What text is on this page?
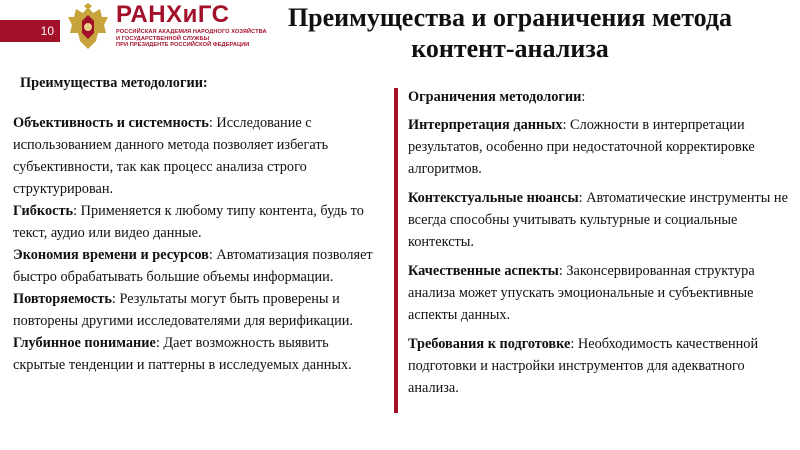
10
РАНХиГС
РОССИЙСКАЯ АКАДЕМИЯ НАРОДНОГО ХОЗЯЙСТВА
И ГОСУДАРСТВЕННОЙ СЛУЖБЫ
ПРИ ПРЕЗИДЕНТЕ РОССИЙСКОЙ ФЕДЕРАЦИИ
Преимущества и ограничения метода
контент-анализа
Преимущества методологии:

Объективность и системность: Исследование с использованием данного метода позволяет избегать субъективности, так как процесс анализа строго структурирован.

Гибкость: Применяется к любому типу контента, будь то текст, аудио или видео данные.

Экономия времени и ресурсов: Автоматизация позволяет быстро обрабатывать большие объемы информации.

Повторяемость: Результаты могут быть проверены и повторены другими исследователями для верификации.

Глубинное понимание: Дает возможность выявить скрытые тенденции и паттерны в исследуемых данных.

Ограничения методологии:

Интерпретация данных: Сложности в интерпретации результатов, особенно при недостаточной корректировке алгоритмов.

Контекстуальные нюансы: Автоматические инструменты не всегда способны учитывать культурные и социальные контексты.

Качественные аспекты: Законсервированная структура анализа может упускать эмоциональные и субъективные аспекты данных.

Требования к подготовке: Необходимость качественной подготовки и настройки инструментов для адекватного анализа.
